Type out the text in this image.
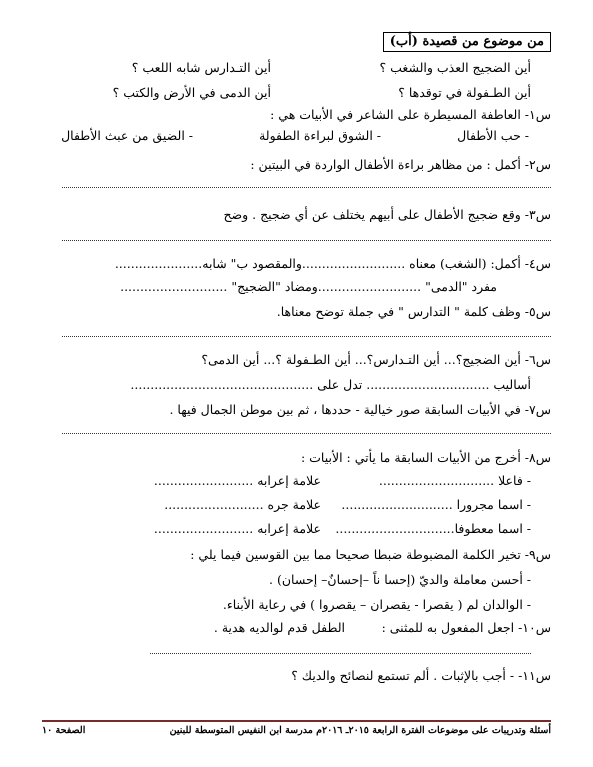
من موضوع من قصيدة (أب)
أين الضجيج العذب والشغب ؟
أين التـدارس شابه اللعب ؟
أين الطـفولة في توقدها ؟
أين الدمى في الأرض والكتب ؟
س١- العاطفة المسيطرة على الشاعر في الأبيات هي :
- حب الأطفال
- الشوق لبراءة الطفولة
- الضيق من عبث الأطفال
س٢- أكمل : من مظاهر براءة الأطفال الواردة في البيتين :
س٣- وقع ضجيج الأطفال على أبيهم يختلف عن أي ضجيج . وضح
س٤- أكمل: (الشغب) معناه ..........................والمقصود ب" شابه......................
مفرد "الدمى" ..........................ومضاد "الضجيج" ...........................
س٥- وظف كلمة " التدارس " في جملة توضح معناها.
س٦- أين الضجيج؟... أين التـدارس؟... أين الطـفولة ؟... أين الدمى؟
أساليب ............................... تدل على ..............................................
س٧- في الأبيات السابقة صور خيالية - حددها ، ثم بين موطن الجمال فيها .
س٨- أخرج من الأبيات السابقة ما يأتي : الأبيات :
- فاعلا .............................
علامة إعرابه .........................
- اسما مجرورا ............................
علامة جره .........................
- اسما معطوفا..............................
علامة إعرابه .........................
س٩- تخير الكلمة المضبوطة ضبطا صحيحا مما بين القوسين فيما يلي :
- أحسن معاملة والديّ (إحسا ناً –إحسانٌ– إحسان) .
- الوالدان لم ( يقصرا - يقصران – يقصروا ) في رعاية الأبناء.
س١٠- اجعل المفعول به للمثنى :
الطفل قدم لوالديه هدية .
س١١- - أجب بالإثبات . ألم تستمع لنصائح والديك ؟
أسئلة وتدريبات على موضوعات الفترة الرابعة ٢٠١٥ـ ٢٠١٦م مدرسة ابن النفيس المتوسطة للبنين
الصفحة ١٠
